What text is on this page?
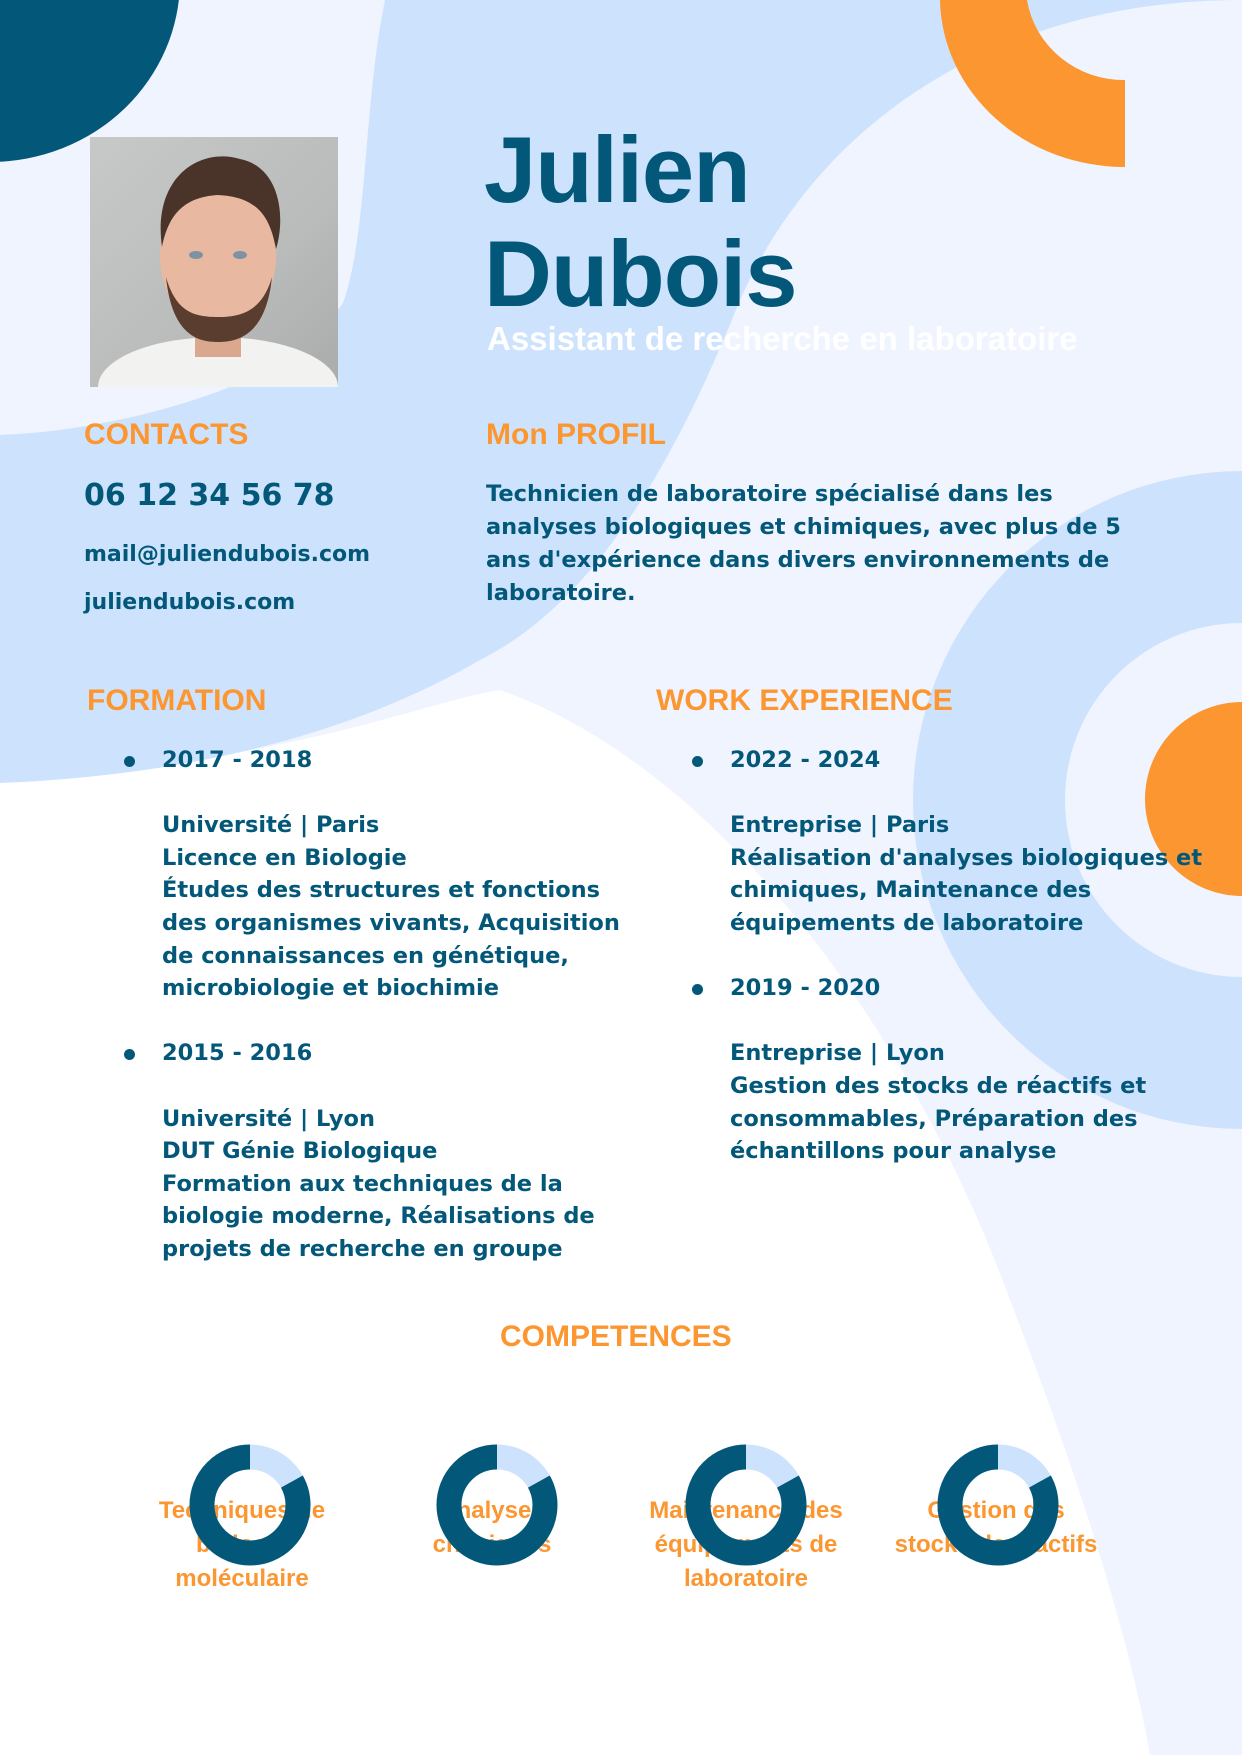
Julien
Dubois
Assistant de recherche en laboratoire
CONTACTS
06 12 34 56 78
mail@juliendubois.com
juliendubois.com
Mon PROFIL
Technicien de laboratoire spécialisé dans les analyses biologiques et chimiques, avec plus de 5 ans d'expérience dans divers environnements de laboratoire.
FORMATION
2017 - 2018
Université | Paris
Licence en Biologie
Études des structures et fonctions
des organismes vivants, Acquisition
de connaissances en génétique,
microbiologie et biochimie
2015 - 2016
Université | Lyon
DUT Génie Biologique
Formation aux techniques de la
biologie moderne, Réalisations de
projets de recherche en groupe
WORK EXPERIENCE
2022 - 2024
Entreprise | Paris
Réalisation d'analyses biologiques et
chimiques, Maintenance des
équipements de laboratoire
2019 - 2020
Entreprise | Lyon
Gestion des stocks de réactifs et
consommables, Préparation des
échantillons pour analyse
COMPETENCES
Techniques de
biologie
moléculaire
Analyses
chimiques
Maintenance des
équipements de
laboratoire
Gestion des
stocks de réactifs
